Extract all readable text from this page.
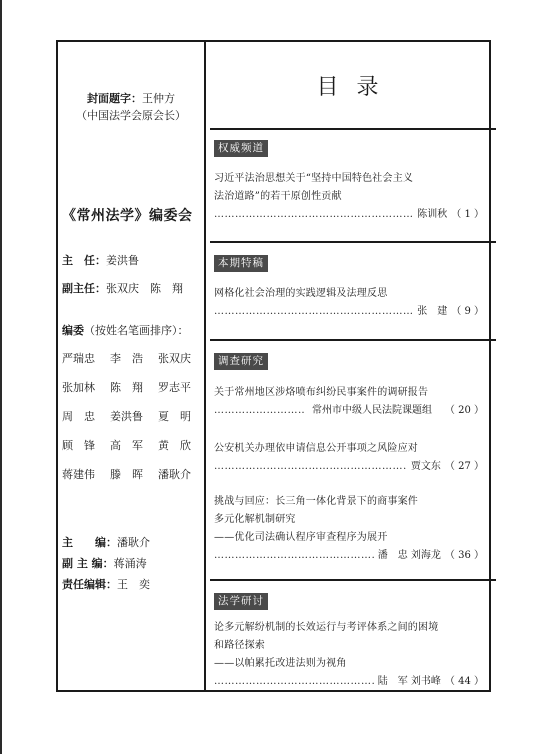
封面题字：王仲方
（中国法学会原会长）
《常州法学》编委会
主　任：姜洪鲁
副主任：张双庆　陈　翔
编委（按姓名笔画排序）：
严瑞忠 李　浩 张双庆
张加林 陈　翔 罗志平
周　忠 姜洪鲁 夏　明
顾　锋 高　军 黄　欣
蒋建伟 滕　晖 潘耿介
主　　编：潘耿介
副 主 编：蒋涌涛
责任编辑：王　奕
目录
权威频道
习近平法治思想关于“坚持中国特色社会主义
法治道路”的若干原创性贡献
……………………………………………………………………………………………………………
陈训秋 （ 1 ）
本期特稿
网格化社会治理的实践逻辑及法理反思
……………………………………………………………………………………………………………
张　建 （ 9 ）
调查研究
关于常州地区涉烙喷布纠纷民事案件的调研报告
……………………………………………………………………………………………………………
常州市中级人民法院课题组	（ 20 ）
公安机关办理依申请信息公开事项之风险应对
……………………………………………………………………………………………………………
贾文东 （ 27 ）
挑战与回应：长三角一体化背景下的商事案件
多元化解机制研究
——优化司法确认程序审查程序为展开
……………………………………………………………………………………………………………
潘　忠 刘海龙 （ 36 ）
法学研讨
论多元解纷机制的长效运行与考评体系之间的困境
和路径探索
——以帕累托改进法则为视角
……………………………………………………………………………………………………………
陆　军 刘书峰 （ 44 ）
